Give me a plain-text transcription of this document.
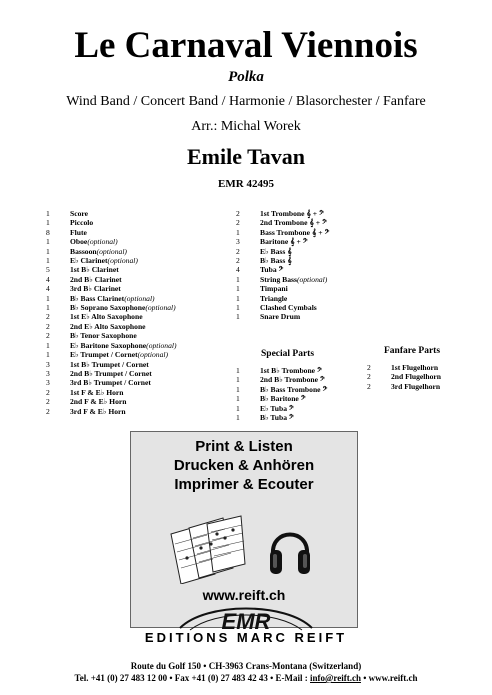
Le Carnaval Viennois
Polka
Wind Band / Concert Band / Harmonie / Blasorchester / Fanfare
Arr.: Michal Worek
Emile Tavan
EMR 42495
1	Score
1	Piccolo
8	Flute
1	Oboe (optional)
1	Bassoon (optional)
1	E♭ Clarinet (optional)
5	1st B♭ Clarinet
4	2nd B♭ Clarinet
4	3rd B♭ Clarinet
1	B♭ Bass Clarinet (optional)
1	B♭ Soprano Saxophone (optional)
2	1st E♭ Alto Saxophone
2	2nd E♭ Alto Saxophone
2	B♭ Tenor Saxophone
1	E♭ Baritone Saxophone (optional)
1	E♭ Trumpet / Cornet (optional)
3	1st B♭ Trumpet / Cornet
3	2nd B♭ Trumpet / Cornet
3	3rd B♭ Trumpet / Cornet
2	1st F & E♭ Horn
2	2nd F & E♭ Horn
2	3rd F & E♭ Horn
2	1st Trombone 𝄞 + 𝄢
2	2nd Trombone 𝄞 + 𝄢
1	Bass Trombone 𝄞 + 𝄢
3	Baritone 𝄞 + 𝄢
2	E♭ Bass 𝄞
2	B♭ Bass 𝄞
4	Tuba 𝄢
1	String Bass (optional)
1	Timpani
1	Triangle
1	Clashed Cymbals
1	Snare Drum
Special Parts
1	1st B♭ Trombone 𝄢
1	2nd B♭ Trombone 𝄢
1	B♭ Bass Trombone 𝄢
1	B♭ Baritone 𝄢
1	E♭ Tuba 𝄢
1	B♭ Tuba 𝄢
Fanfare Parts
2	1st Flugelhorn
2	2nd Flugelhorn
2	3rd Flugelhorn
Print & Listen
Drucken & Anhören
Imprimer & Ecouter
www.reift.ch
EMR
EDITIONS MARC REIFT
Route du Golf 150 • CH-3963 Crans-Montana (Switzerland)
Tel. +41 (0) 27 483 12 00 • Fax +41 (0) 27 483 42 43 • E-Mail : info@reift.ch • www.reift.ch
